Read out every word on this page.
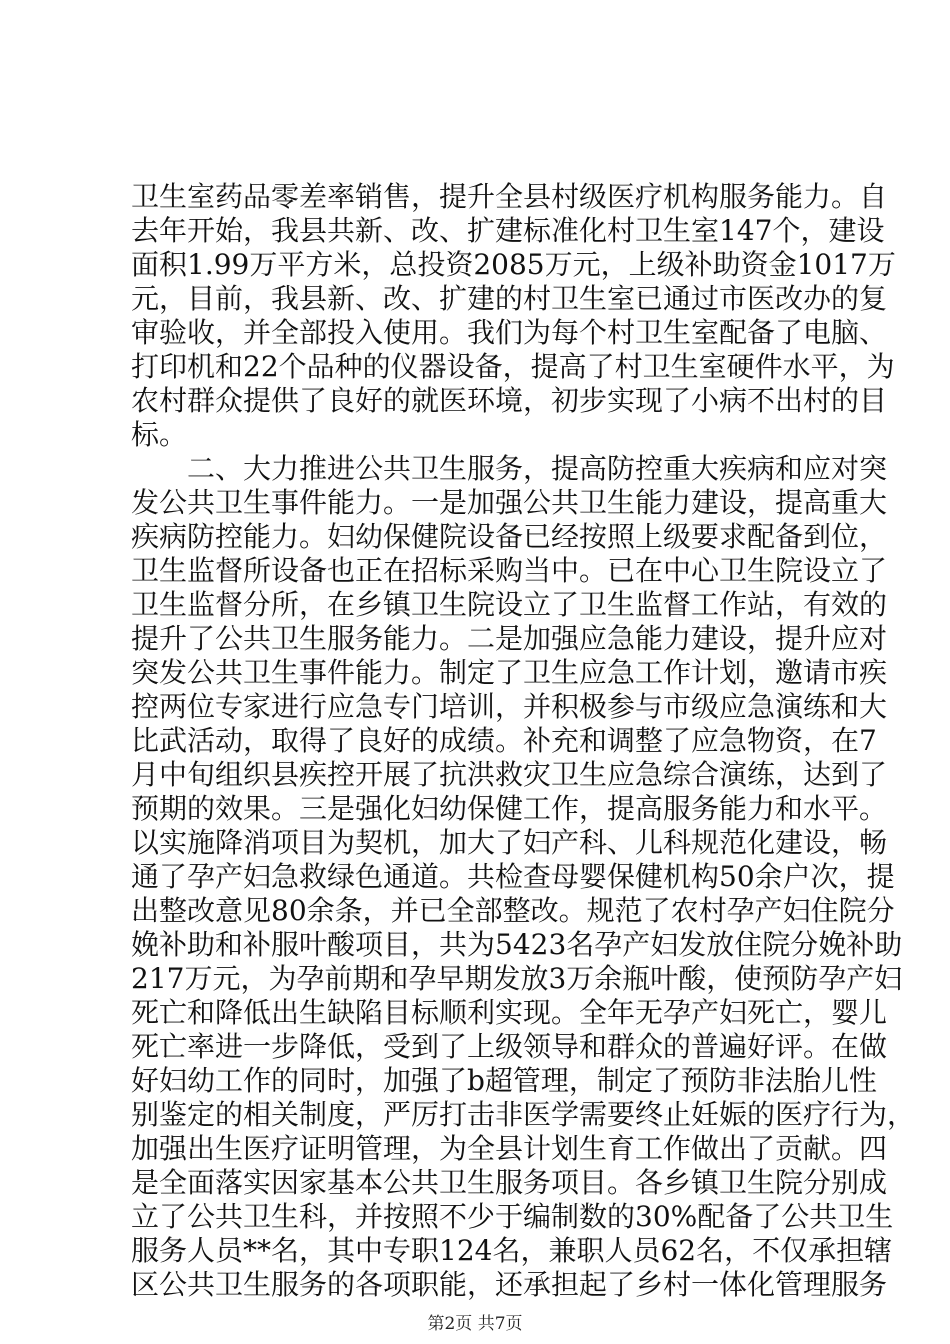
卫生室药品零差率销售，提升全县村级医疗机构服务能力。自
去年开始，我县共新、改、扩建标准化村卫生室147个，建设
面积1.99万平方米，总投资2085万元，上级补助资金1017万
元，目前，我县新、改、扩建的村卫生室已通过市医改办的复
审验收，并全部投入使用。我们为每个村卫生室配备了电脑、
打印机和22个品种的仪器设备，提高了村卫生室硬件水平，为
农村群众提供了良好的就医环境，初步实现了小病不出村的目
标。
二、大力推进公共卫生服务，提高防控重大疾病和应对突
发公共卫生事件能力。一是加强公共卫生能力建设，提高重大
疾病防控能力。妇幼保健院设备已经按照上级要求配备到位，
卫生监督所设备也正在招标采购当中。已在中心卫生院设立了
卫生监督分所，在乡镇卫生院设立了卫生监督工作站，有效的
提升了公共卫生服务能力。二是加强应急能力建设，提升应对
突发公共卫生事件能力。制定了卫生应急工作计划，邀请市疾
控两位专家进行应急专门培训，并积极参与市级应急演练和大
比武活动，取得了良好的成绩。补充和调整了应急物资，在7
月中旬组织县疾控开展了抗洪救灾卫生应急综合演练，达到了
预期的效果。三是强化妇幼保健工作，提高服务能力和水平。
以实施降消项目为契机，加大了妇产科、儿科规范化建设，畅
通了孕产妇急救绿色通道。共检查母婴保健机构50余户次，提
出整改意见80余条，并已全部整改。规范了农村孕产妇住院分
娩补助和补服叶酸项目，共为5423名孕产妇发放住院分娩补助
217万元，为孕前期和孕早期发放3万余瓶叶酸，使预防孕产妇
死亡和降低出生缺陷目标顺利实现。全年无孕产妇死亡，婴儿
死亡率进一步降低，受到了上级领导和群众的普遍好评。在做
好妇幼工作的同时，加强了b超管理，制定了预防非法胎儿性
别鉴定的相关制度，严厉打击非医学需要终止妊娠的医疗行为，
加强出生医疗证明管理，为全县计划生育工作做出了贡献。四
是全面落实因家基本公共卫生服务项目。各乡镇卫生院分别成
立了公共卫生科，并按照不少于编制数的30%配备了公共卫生
服务人员**名，其中专职124名，兼职人员62名，不仅承担辖
区公共卫生服务的各项职能，还承担起了乡村一体化管理服务
第2页 共7页
